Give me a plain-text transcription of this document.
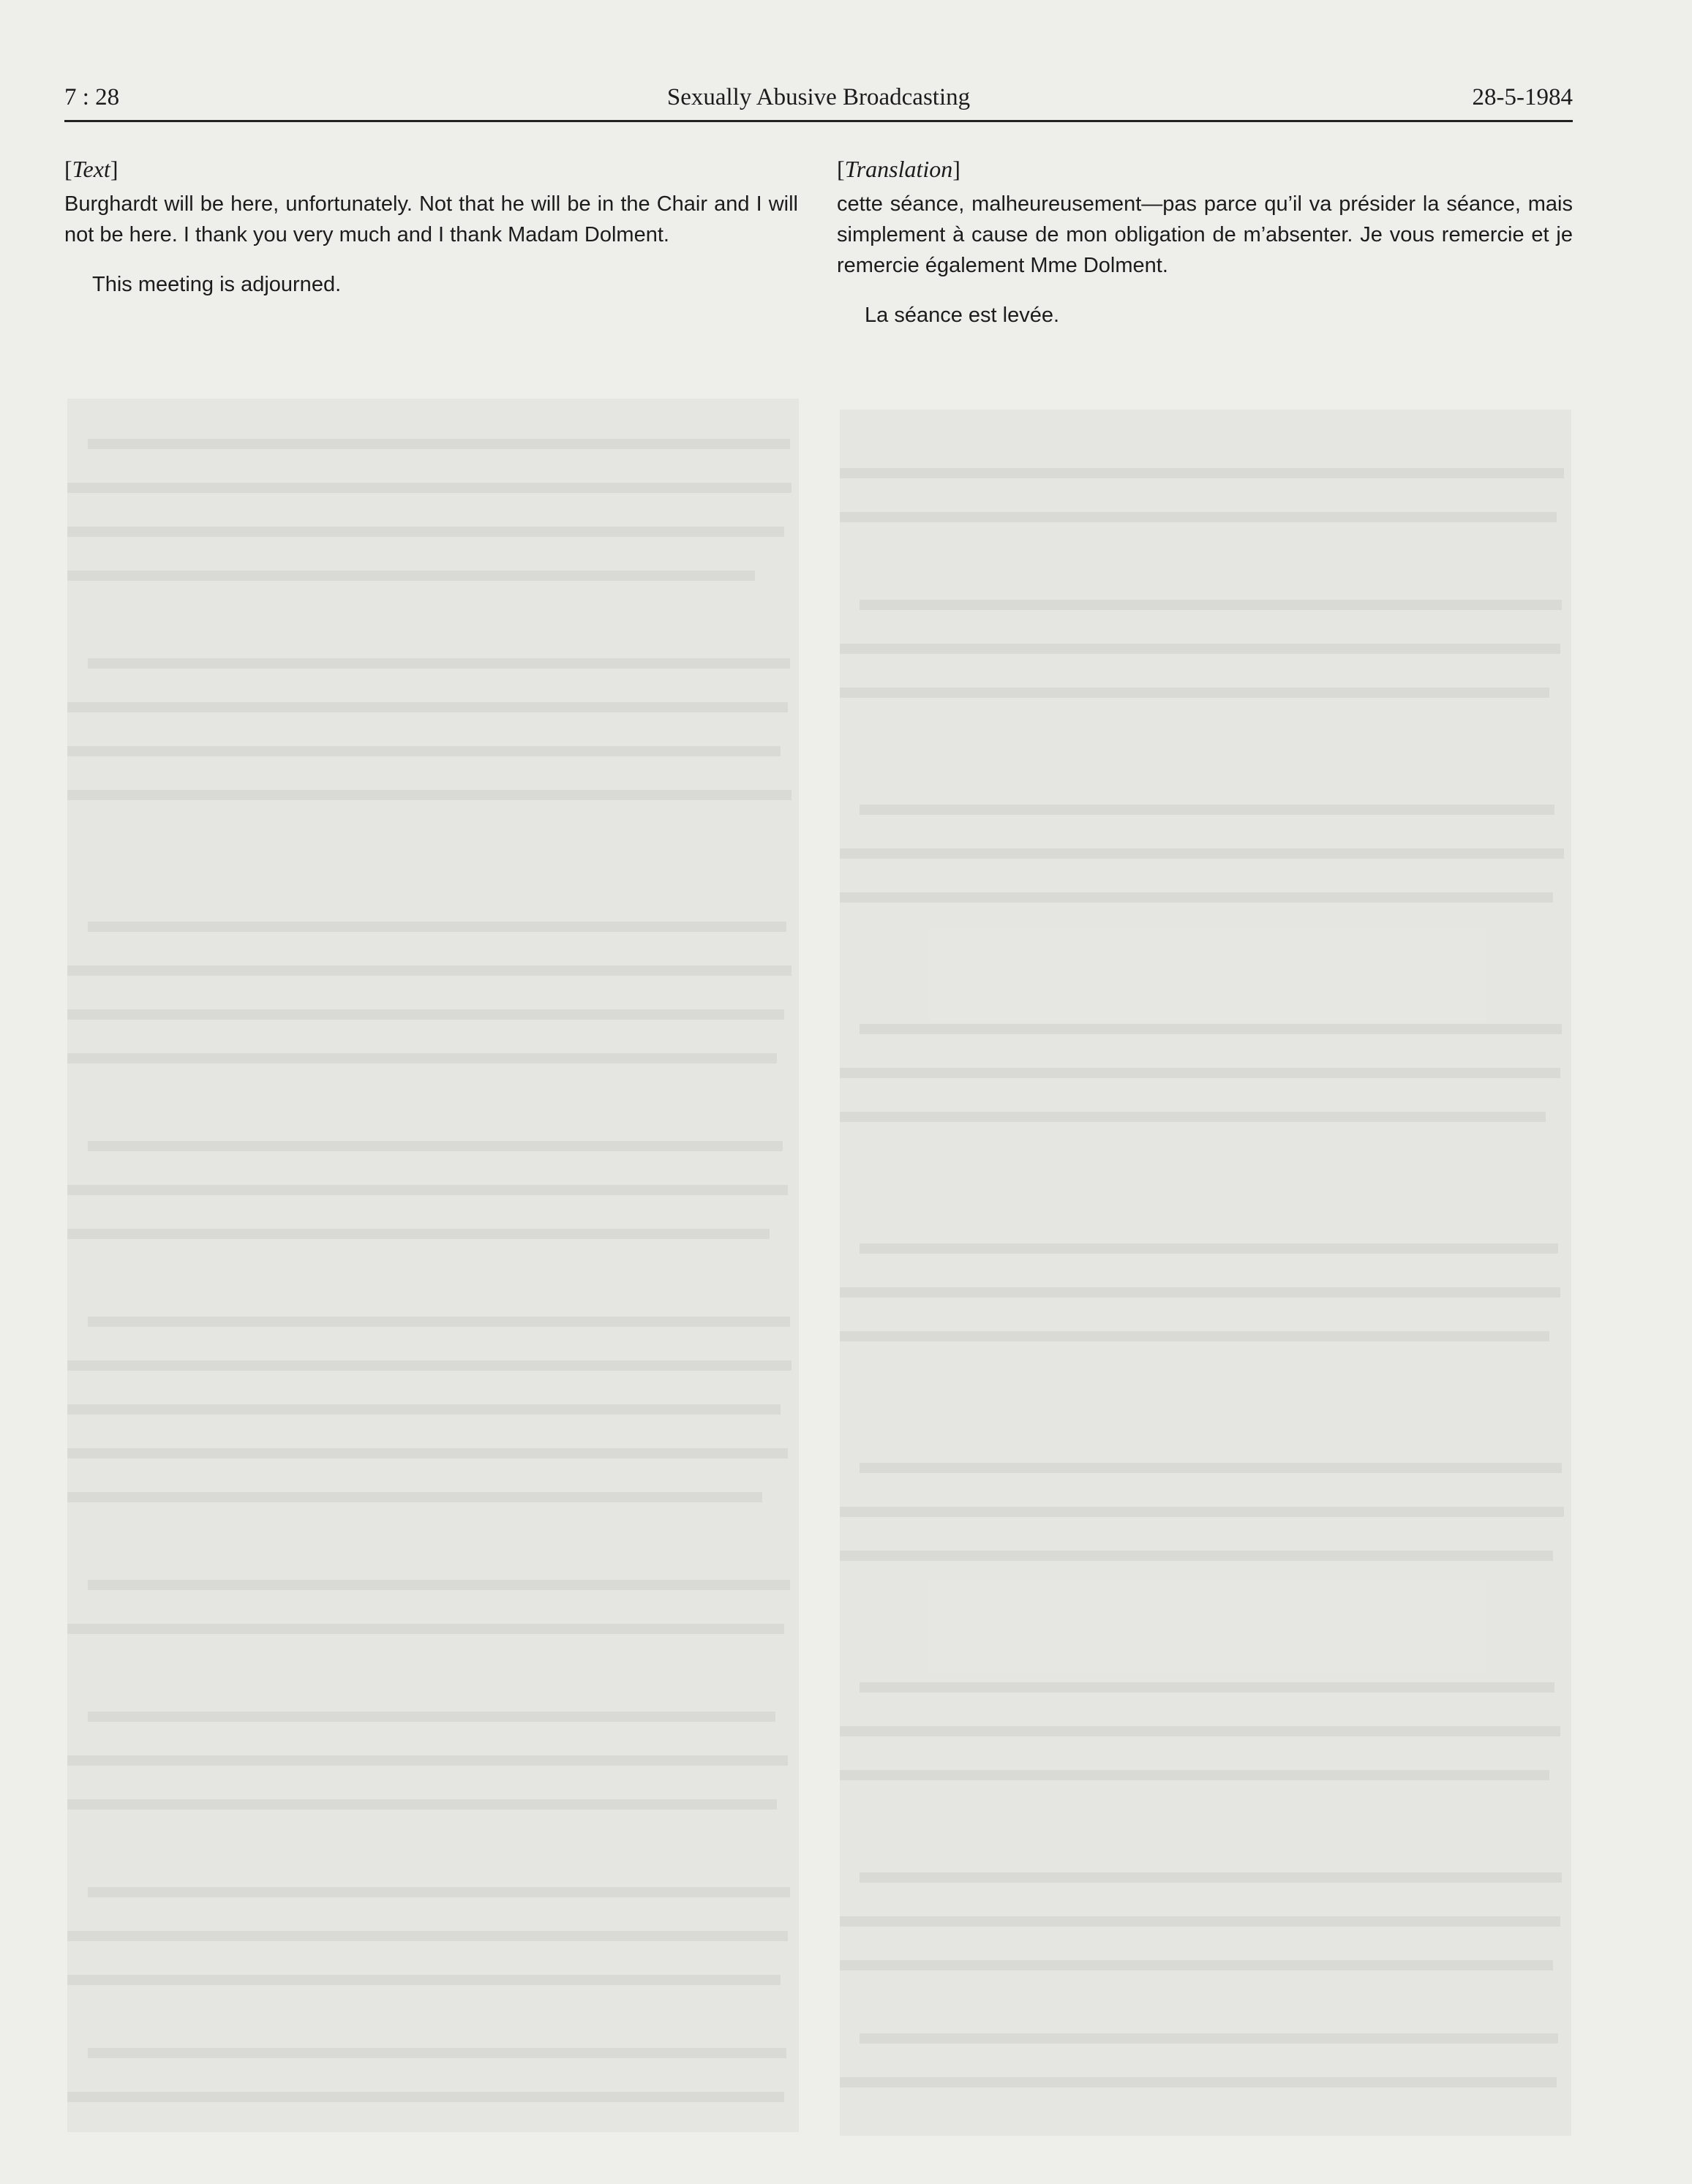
7 : 28	Sexually Abusive Broadcasting	28-5-1984
[Text]

Burghardt will be here, unfortunately. Not that he will be in the Chair and I will not be here. I thank you very much and I thank Madam Dolment.

This meeting is adjourned.

[Translation]

cette séance, malheureusement—pas parce qu’il va présider la séance, mais simplement à cause de mon obligation de m’absenter. Je vous remercie et je remercie également Mme Dolment.

La séance est levée.
